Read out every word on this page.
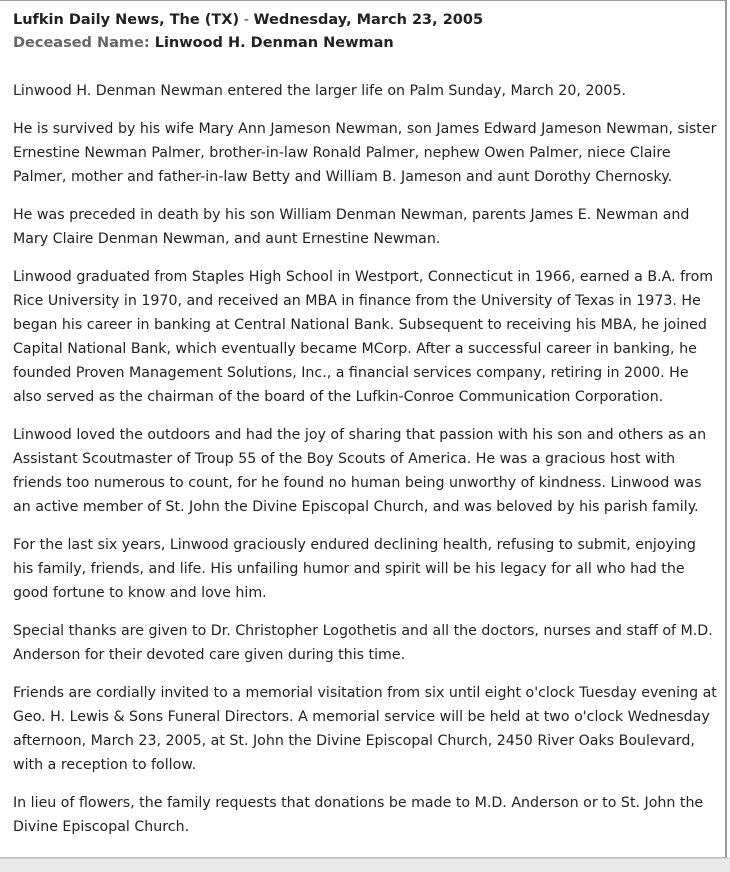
Lufkin Daily News, The (TX) - Wednesday, March 23, 2005
Deceased Name: Linwood H. Denman Newman

Linwood H. Denman Newman entered the larger life on Palm Sunday, March 20, 2005.

He is survived by his wife Mary Ann Jameson Newman, son James Edward Jameson Newman, sister Ernestine Newman Palmer, brother-in-law Ronald Palmer, nephew Owen Palmer, niece Claire Palmer, mother and father-in-law Betty and William B. Jameson and aunt Dorothy Chernosky.

He was preceded in death by his son William Denman Newman, parents James E. Newman and Mary Claire Denman Newman, and aunt Ernestine Newman.

Linwood graduated from Staples High School in Westport, Connecticut in 1966, earned a B.A. from Rice University in 1970, and received an MBA in finance from the University of Texas in 1973. He began his career in banking at Central National Bank. Subsequent to receiving his MBA, he joined Capital National Bank, which eventually became MCorp. After a successful career in banking, he founded Proven Management Solutions, Inc., a financial services company, retiring in 2000. He also served as the chairman of the board of the Lufkin-Conroe Communication Corporation.

Linwood loved the outdoors and had the joy of sharing that passion with his son and others as an Assistant Scoutmaster of Troup 55 of the Boy Scouts of America. He was a gracious host with friends too numerous to count, for he found no human being unworthy of kindness. Linwood was an active member of St. John the Divine Episcopal Church, and was beloved by his parish family.

For the last six years, Linwood graciously endured declining health, refusing to submit, enjoying his family, friends, and life. His unfailing humor and spirit will be his legacy for all who had the good fortune to know and love him.

Special thanks are given to Dr. Christopher Logothetis and all the doctors, nurses and staff of M.D. Anderson for their devoted care given during this time.

Friends are cordially invited to a memorial visitation from six until eight o'clock Tuesday evening at Geo. H. Lewis & Sons Funeral Directors. A memorial service will be held at two o'clock Wednesday afternoon, March 23, 2005, at St. John the Divine Episcopal Church, 2450 River Oaks Boulevard, with a reception to follow.

In lieu of flowers, the family requests that donations be made to M.D. Anderson or to St. John the Divine Episcopal Church.
